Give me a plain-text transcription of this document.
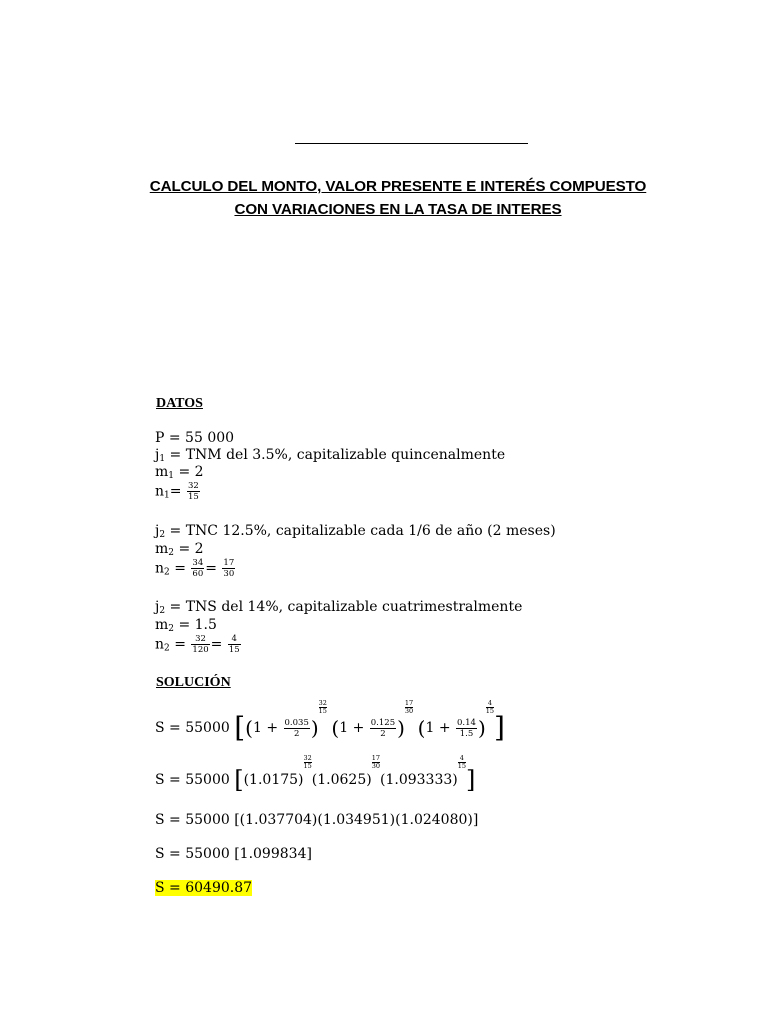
CALCULO DEL MONTO, VALOR PRESENTE E INTERÉS COMPUESTO
CON VARIACIONES EN LA TASA DE INTERES
DATOS
P = 55 000
$j_1$ = TNM del 3.5%, capitalizable quincenalmente
$m_1 = 2$
$n_1= \frac{32}{15}$
$j_2$ = TNC 12.5%, capitalizable cada 1/6 de año (2 meses)
$m_2 = 2$
$n_2 = \frac{34}{60} = \frac{17}{30}$
$j_2$ = TNS del 14%, capitalizable cuatrimestralmente
$m_2 = 1.5$
$n_2 = \frac{32}{120} = \frac{4}{15}$
SOLUCIÓN
S = 55000 [($1 + \frac{0.035}{2}$ )
$\frac{32}{15}$
($1 + \frac{0.125}{2}$ )
$\frac{17}{30}$
($1 + \frac{0.14}{1.5}$ )
$\frac{4}{15}$
]
S = 55000 [(1.0175)
$\frac{32}{15}$
(1.0625)
$\frac{17}{30}$
(1.093333)
$\frac{4}{15}$
]
S = 55000 [(1.037704)(1.034951)(1.024080)]
S = 55000 [1.099834]
S = 60490.87
